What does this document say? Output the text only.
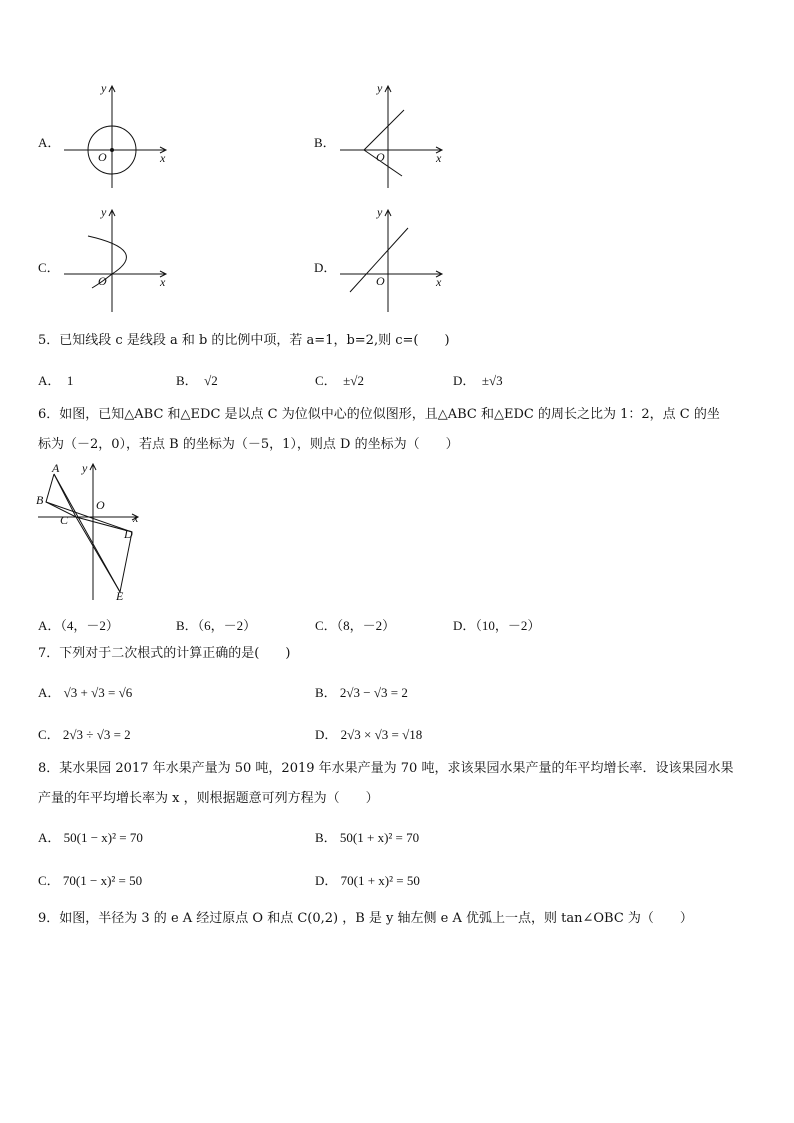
A．
x
y
O
B．
x
y
O
C．
x
y
O
D．
x
y
O
5．已知线段 c 是线段 a 和 b 的比例中项，若 a=1，b=2,则 c=(　　)
A． 1	B． √2	C． ±√2	D． ±√3
6．如图，已知△ABC 和△EDC 是以点 C 为位似中心的位似图形，且△ABC 和△EDC 的周长之比为 1：2，点 C 的坐
标为（－2，0），若点 B 的坐标为（－5，1），则点 D 的坐标为（　　）
A
B
C
D
E
O
x
y
A．（4，－2）	B．（6，－2）	C．（8，－2）	D．（10，－2）
7．下列对于二次根式的计算正确的是(　　)
A． √3 + √3 = √6	B． 2√3 − √3 = 2
C． 2√3 ÷ √3 = 2	D． 2√3 × √3 = √18
8．某水果园 2017 年水果产量为 50 吨，2019 年水果产量为 70 吨，求该果园水果产量的年平均增长率．设该果园水果
产量的年平均增长率为 x ，则根据题意可列方程为（　　）
A． 50(1 − x)² = 70	B． 50(1 + x)² = 70
C． 70(1 − x)² = 50	D． 70(1 + x)² = 50
9．如图，半径为 3 的 e A 经过原点 O 和点 C(0,2) ，B 是 y 轴左侧 e A 优弧上一点，则 tan∠OBC 为（　　）
